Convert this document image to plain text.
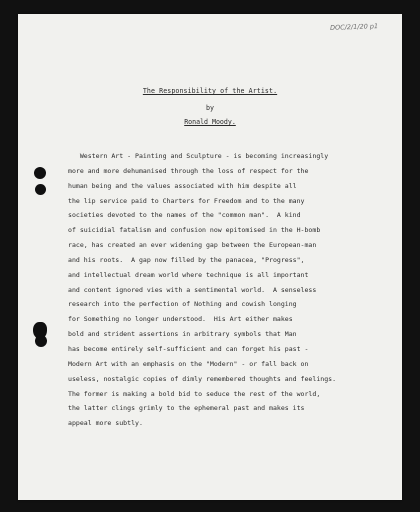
DOC/2/1/20 p1
The Responsibility of the Artist.
by
Ronald Moody.
Western Art - Painting and Sculpture - is becoming increasingly
more and more dehumanised through the loss of respect for the
human being and the values associated with him despite all
the lip service paid to Charters for Freedom and to the many
societies devoted to the names of the "common man".  A kind
of suicidial fatalism and confusion now epitomised in the H-bomb
race, has created an ever widening gap between the European-man
and his roots.  A gap now filled by the panacea, "Progress",
and intellectual dream world where technique is all important
and content ignored vies with a sentimental world.  A senseless
research into the perfection of Nothing and cowish longing
for Something no longer understood.  His Art either makes
bold and strident assertions in arbitrary symbols that Man
has become entirely self-sufficient and can forget his past -
Modern Art with an emphasis on the "Modern" - or fall back on
useless, nostalgic copies of dimly remembered thoughts and feelings.
The former is making a bold bid to seduce the rest of the world,
the latter clings grimly to the ephemeral past and makes its
appeal more subtly.
